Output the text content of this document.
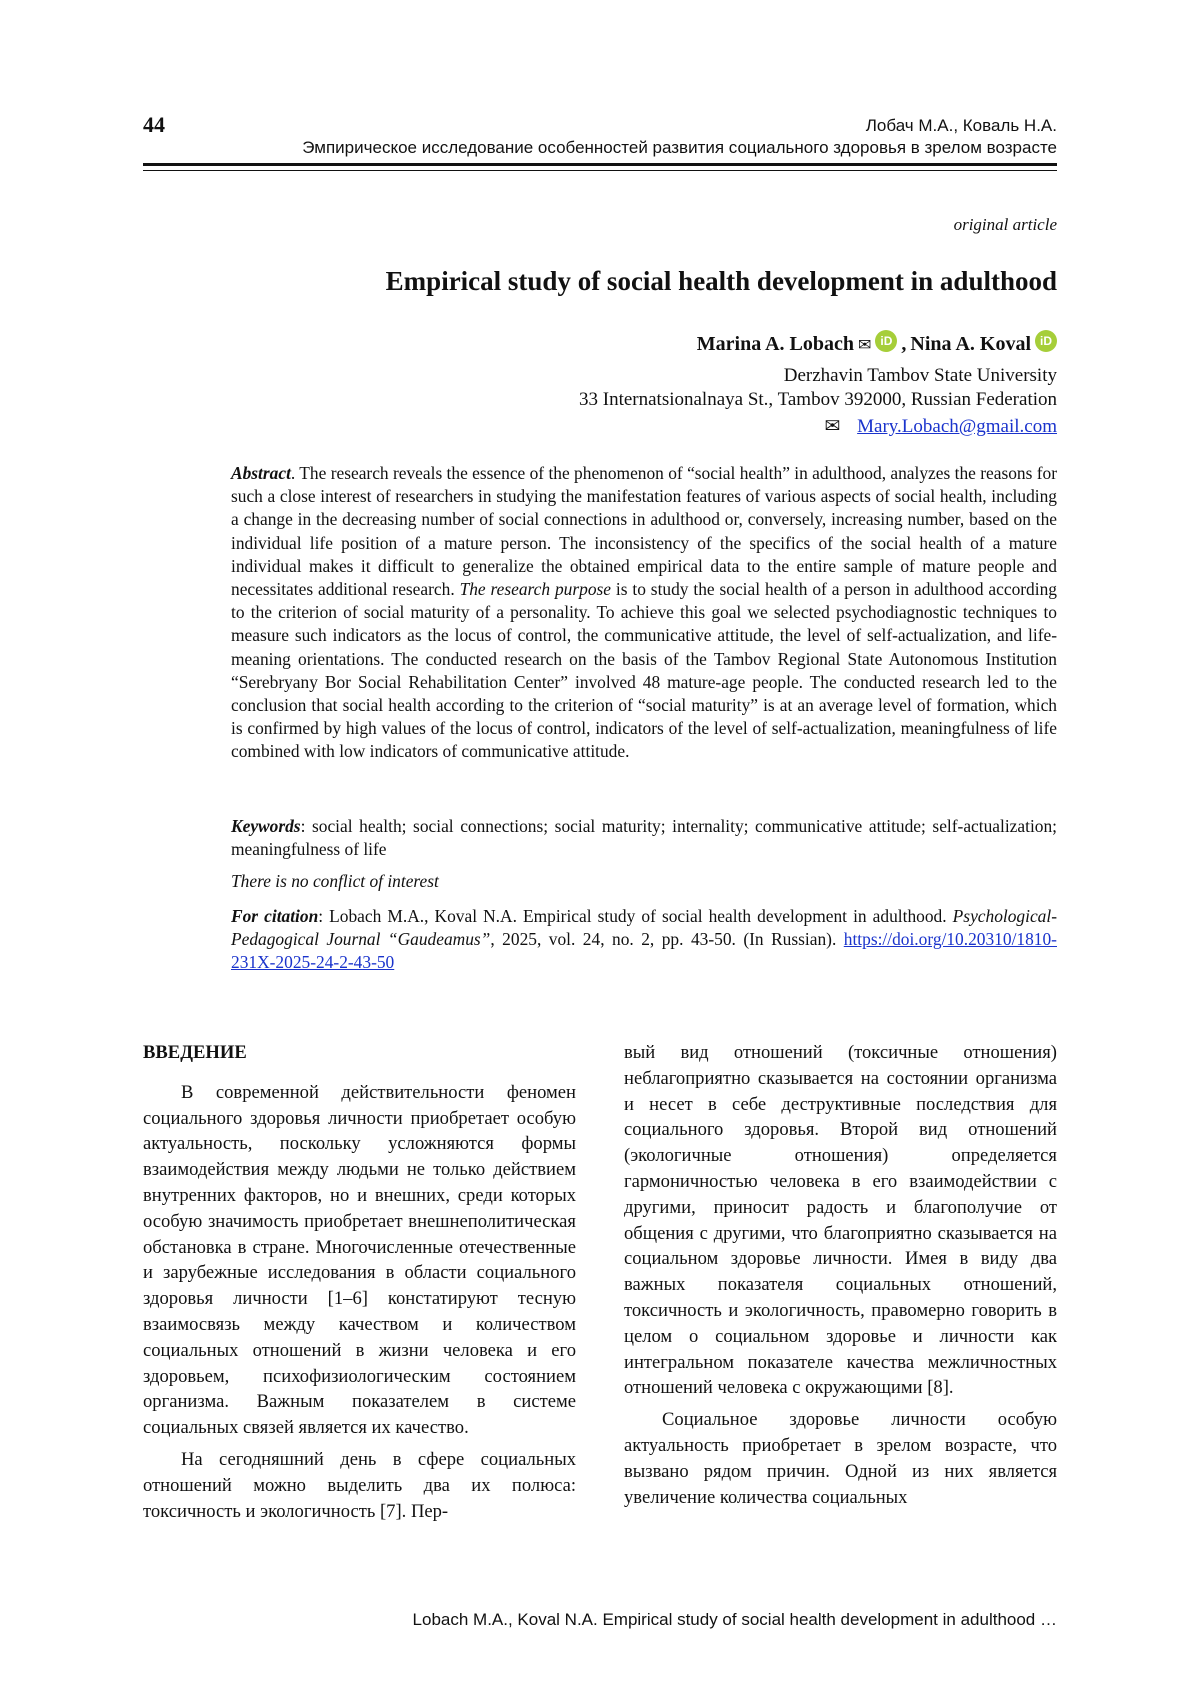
44	Лобач М.А., Коваль Н.А.
Эмпирическое исследование особенностей развития социального здоровья в зрелом возрасте
original article
Empirical study of social health development in adulthood
Marina A. Lobach ✉ iD , Nina A. Koval iD
Derzhavin Tambov State University
33 Internatsionalnaya St., Tambov 392000, Russian Federation
✉ Mary.Lobach@gmail.com
Abstract. The research reveals the essence of the phenomenon of “social health” in adulthood, analyzes the reasons for such a close interest of researchers in studying the manifestation features of various aspects of social health, including a change in the decreasing number of social connections in adulthood or, conversely, increasing number, based on the individual life position of a mature person. The inconsistency of the specifics of the social health of a mature individual makes it difficult to generalize the obtained empirical data to the entire sample of mature people and necessitates additional research. The research purpose is to study the social health of a person in adulthood according to the criterion of social maturity of a personality. To achieve this goal we selected psychodiagnostic techniques to measure such indicators as the locus of control, the communicative attitude, the level of self-actualization, and life-meaning orientations. The conducted research on the basis of the Tambov Regional State Autonomous Institution “Serebryany Bor Social Rehabilitation Center” involved 48 mature-age people. The conducted research led to the conclusion that social health according to the criterion of “social maturity” is at an average level of formation, which is confirmed by high values of the locus of control, indicators of the level of self-actualization, meaningfulness of life combined with low indicators of communicative attitude.
Keywords: social health; social connections; social maturity; internality; communicative attitude; self-actualization; meaningfulness of life
There is no conflict of interest
For citation: Lobach M.A., Koval N.A. Empirical study of social health development in adulthood. Psychological-Pedagogical Journal “Gaudeamus”, 2025, vol. 24, no. 2, pp. 43-50. (In Russian). https://doi.org/10.20310/1810-231X-2025-24-2-43-50

ВВЕДЕНИЕ

В современной действительности феномен социального здоровья личности приобретает особую актуальность, поскольку усложняются формы взаимодействия между людьми не только действием внутренних факторов, но и внешних, среди которых особую значимость приобретает внешнеполитическая обстановка в стране. Многочисленные отечественные и зарубежные исследования в области социального здоровья личности [1–6] констатируют тесную взаимосвязь между качеством и количеством социальных отношений в жизни человека и его здоровьем, психофизиологическим состоянием организма. Важным показателем в системе социальных связей является их качество.

На сегодняшний день в сфере социальных отношений можно выделить два их полюса: токсичность и экологичность [7]. Пер-

вый вид отношений (токсичные отношения) неблагоприятно сказывается на состоянии организма и несет в себе деструктивные последствия для социального здоровья. Второй вид отношений (экологичные отношения) определяется гармоничностью человека в его взаимодействии с другими, приносит радость и благополучие от общения с другими, что благоприятно сказывается на социальном здоровье личности. Имея в виду два важных показателя социальных отношений, токсичность и экологичность, правомерно говорить в целом о социальном здоровье и личности как интегральном показателе качества межличностных отношений человека с окружающими [8].

Социальное здоровье личности особую актуальность приобретает в зрелом возрасте, что вызвано рядом причин. Одной из них является увеличение количества социальных

Lobach M.A., Koval N.A. Empirical study of social health development in adulthood …
